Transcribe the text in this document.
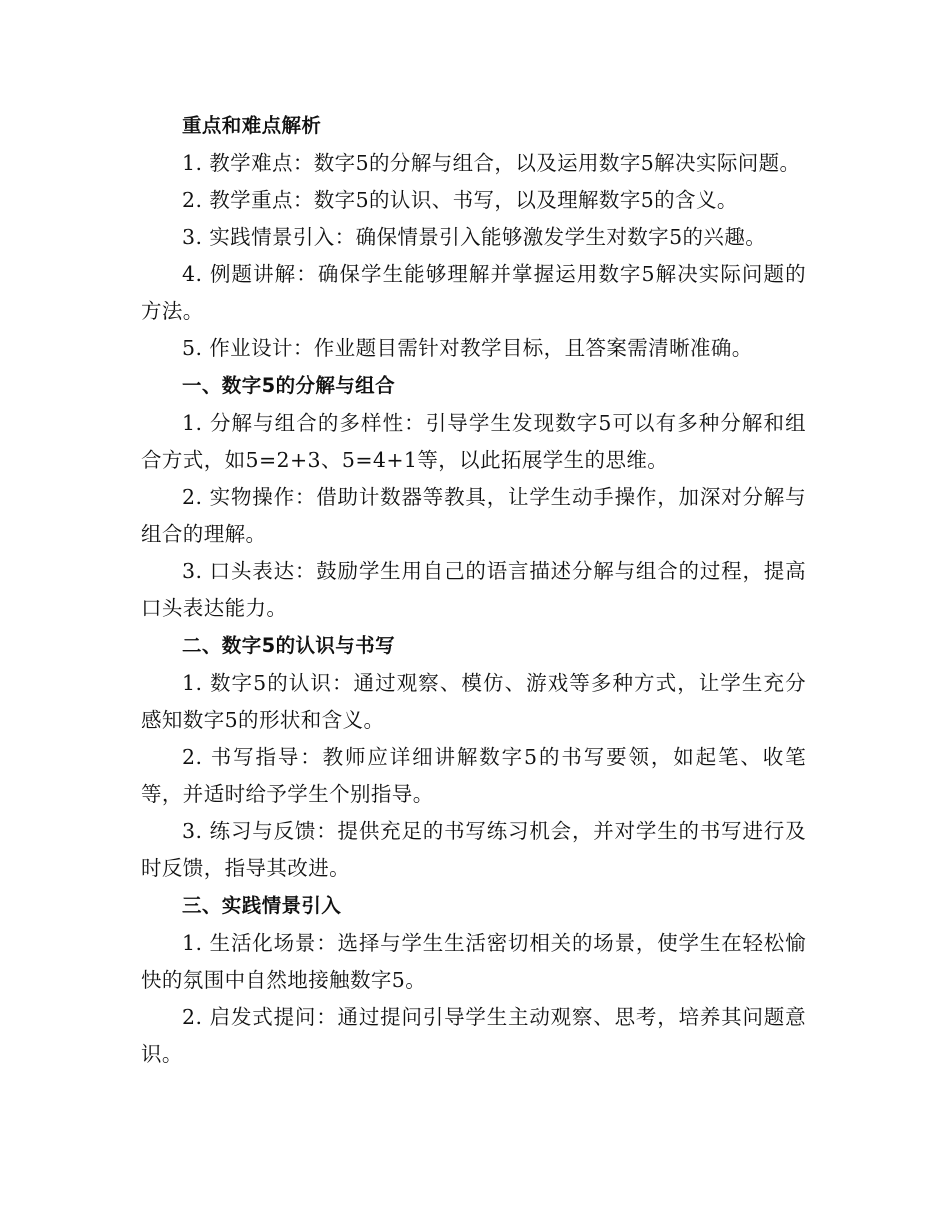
重点和难点解析

1. 教学难点：数字5的分解与组合，以及运用数字5解决实际问题。

2. 教学重点：数字5的认识、书写，以及理解数字5的含义。

3. 实践情景引入：确保情景引入能够激发学生对数字5的兴趣。

4. 例题讲解：确保学生能够理解并掌握运用数字5解决实际问题的方法。

5. 作业设计：作业题目需针对教学目标，且答案需清晰准确。

一、数字5的分解与组合

1. 分解与组合的多样性：引导学生发现数字5可以有多种分解和组合方式，如5=2+3、5=4+1等，以此拓展学生的思维。

2. 实物操作：借助计数器等教具，让学生动手操作，加深对分解与组合的理解。

3. 口头表达：鼓励学生用自己的语言描述分解与组合的过程，提高口头表达能力。

二、数字5的认识与书写

1. 数字5的认识：通过观察、模仿、游戏等多种方式，让学生充分感知数字5的形状和含义。

2. 书写指导：教师应详细讲解数字5的书写要领，如起笔、收笔等，并适时给予学生个别指导。

3. 练习与反馈：提供充足的书写练习机会，并对学生的书写进行及时反馈，指导其改进。

三、实践情景引入

1. 生活化场景：选择与学生生活密切相关的场景，使学生在轻松愉快的氛围中自然地接触数字5。

2. 启发式提问：通过提问引导学生主动观察、思考，培养其问题意识。
